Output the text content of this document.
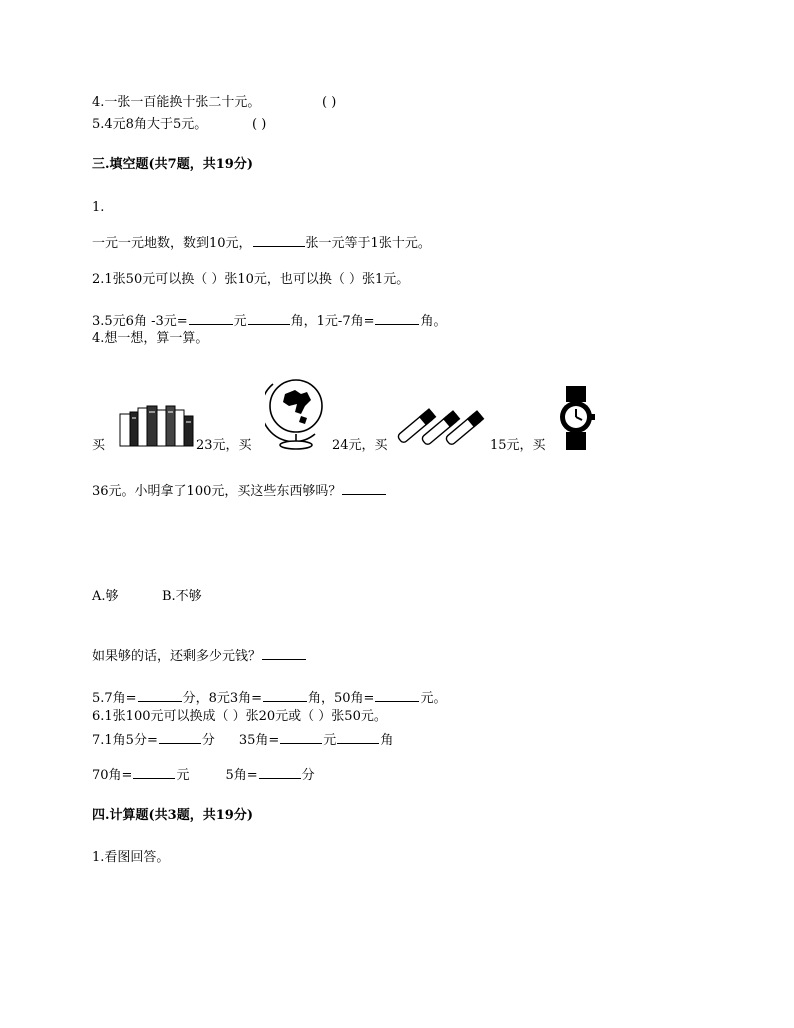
4.一张一百能换十张二十元。	( )
5.4元8角大于5元。	( )
三.填空题(共7题，共19分)
1.
一元一元地数，数到10元，	张一元等于1张十元。
2.1张50元可以换（ ）张10元，也可以换（ ）张1元。
3.5元6角 -3元=	元	角，1元-7角=	角。
4.想一想，算一算。
买	23元，买	24元，买	15元，买
36元。小明拿了100元，买这些东西够吗？
A.够	B.不够
如果够的话，还剩多少元钱？
5.7角=	分，8元3角=	角，50角=	元。
6.1张100元可以换成（ ）张20元或（ ）张50元。
7.1角5分=	分 35角=	元	角
70角=	元	5角=	分
四.计算题(共3题，共19分)
1.看图回答。
